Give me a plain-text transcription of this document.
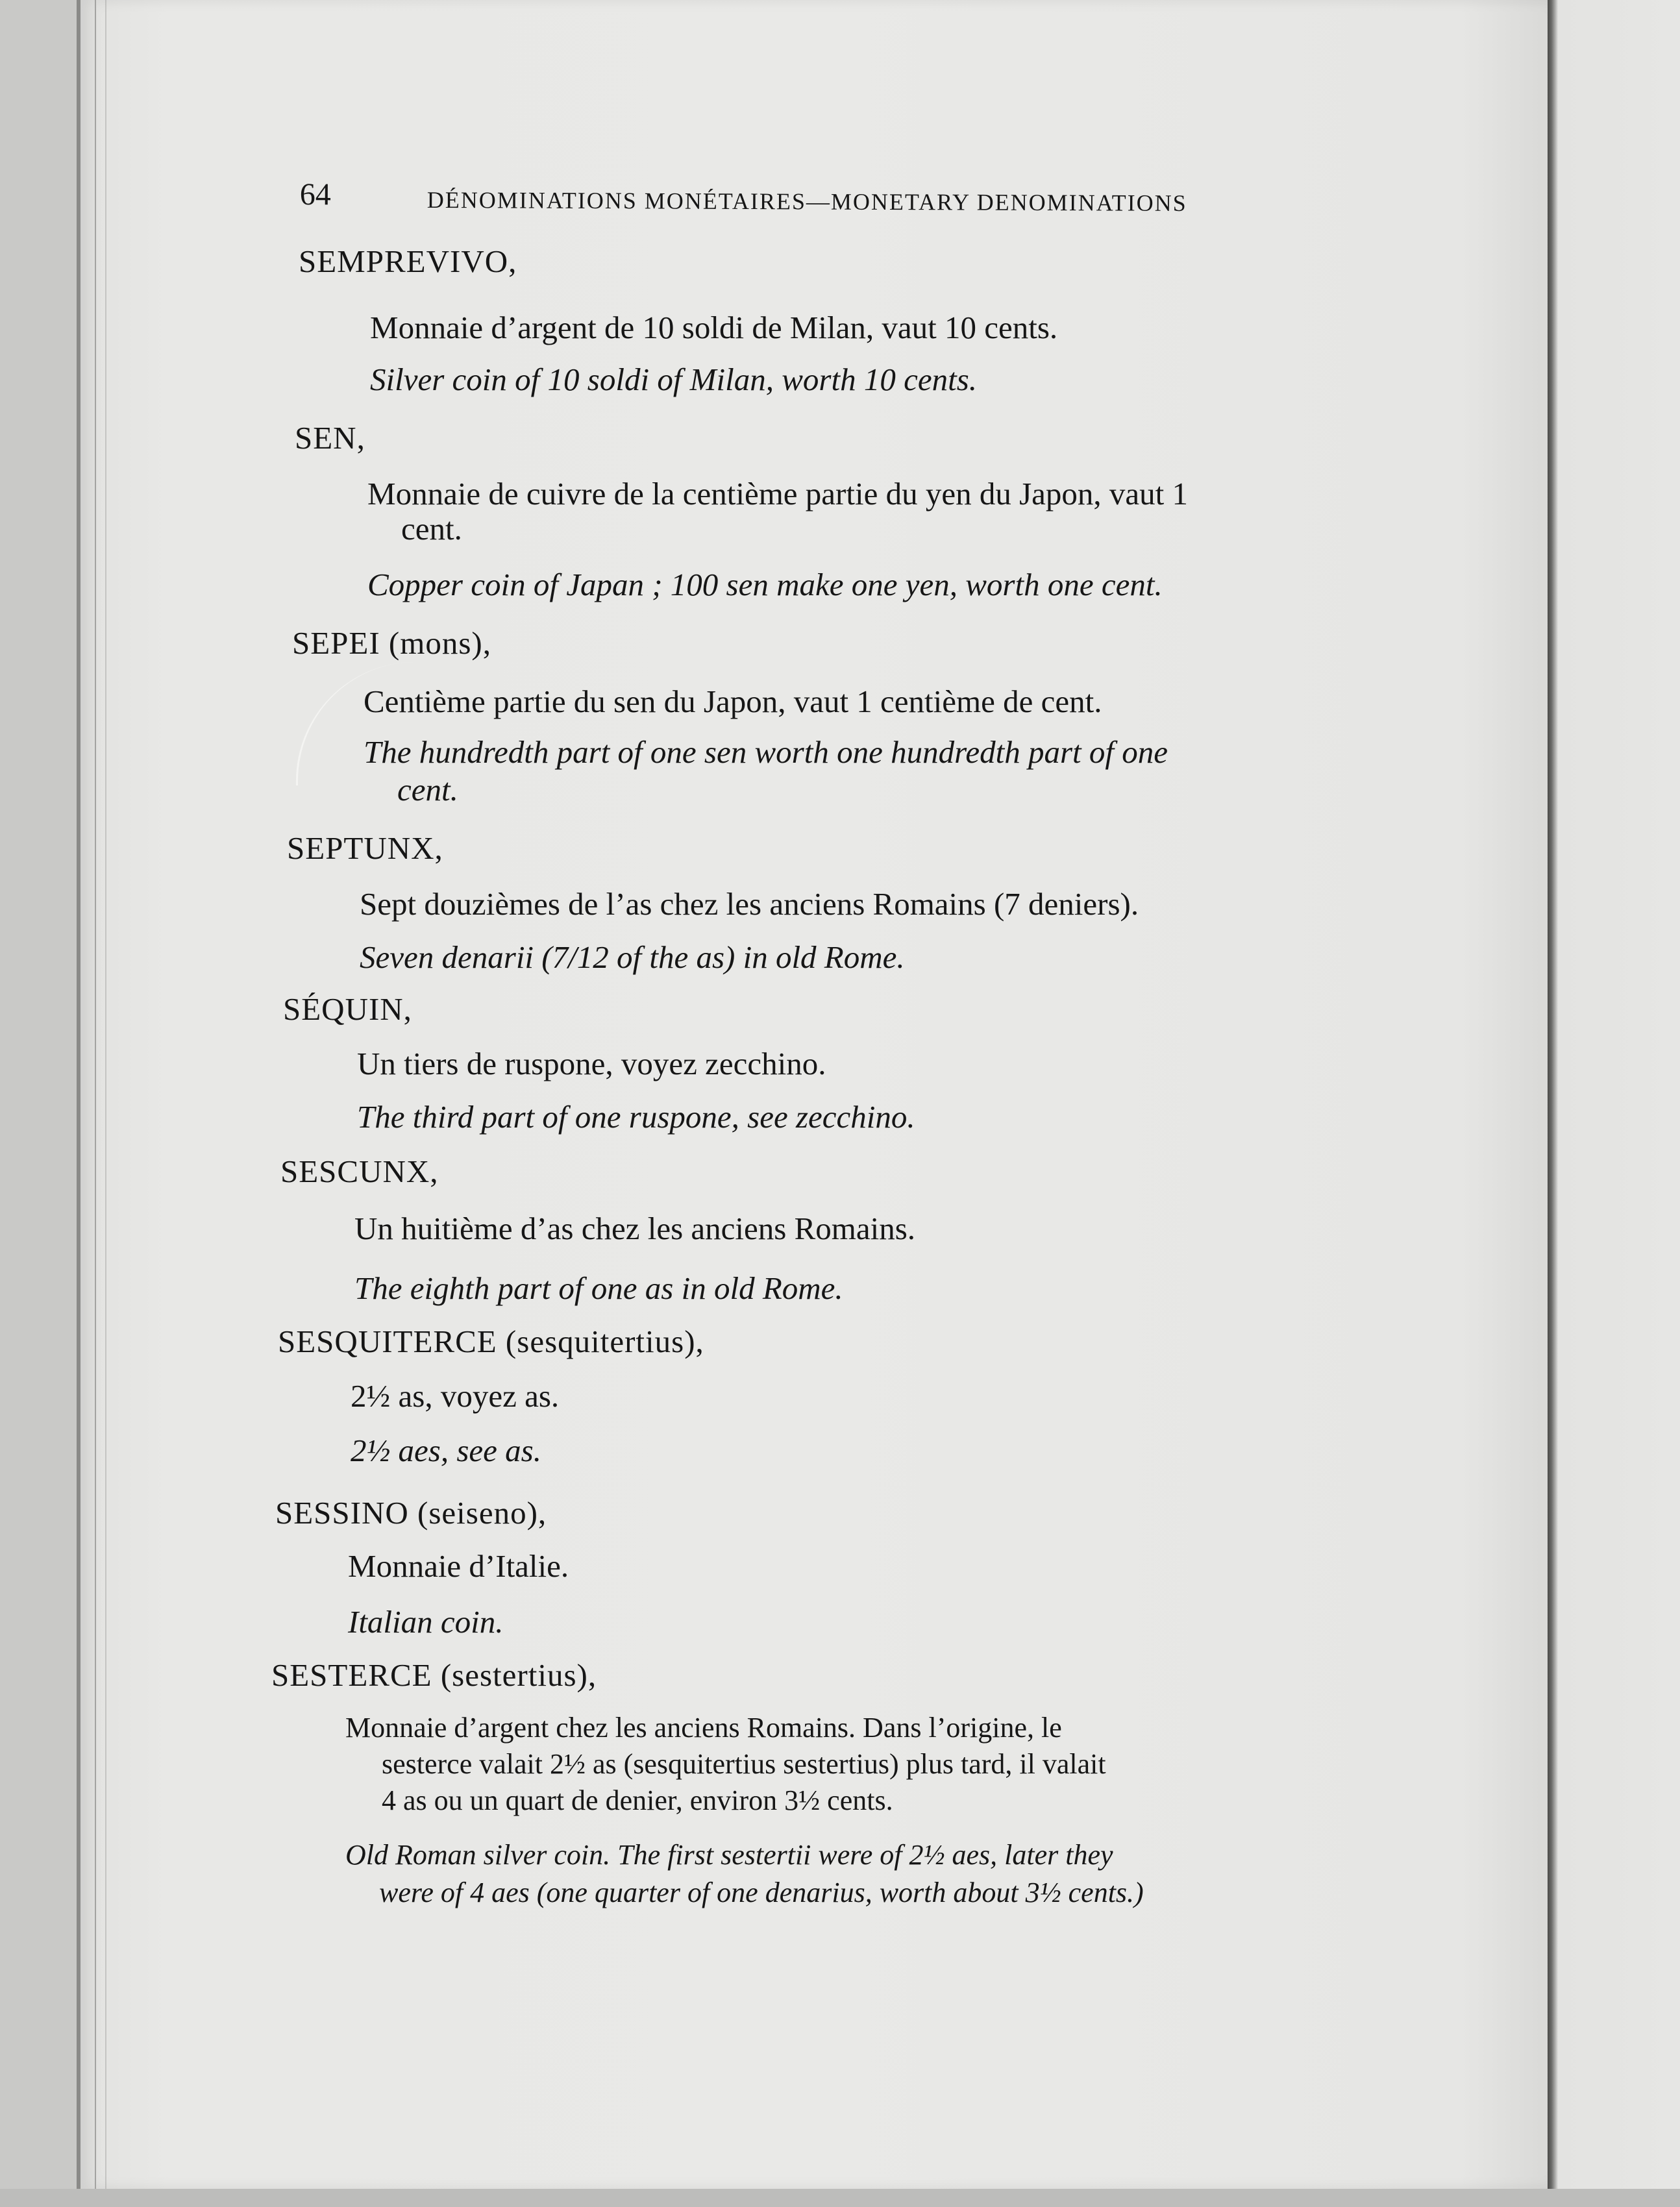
64	DÉNOMINATIONS MONÉTAIRES—MONETARY DENOMINATIONS
SEMPREVIVO,
Monnaie d’argent de 10 soldi de Milan, vaut 10 cents.
Silver coin of 10 soldi of Milan, worth 10 cents.
SEN,
Monnaie de cuivre de la centième partie du yen du Japon, vaut 1
cent.
Copper coin of Japan ; 100 sen make one yen, worth one cent.
SEPEI (mons),
Centième partie du sen du Japon, vaut 1 centième de cent.
The hundredth part of one sen worth one hundredth part of one
cent.
SEPTUNX,
Sept douzièmes de l’as chez les anciens Romains (7 deniers).
Seven denarii (7/12 of the as) in old Rome.
SÉQUIN,
Un tiers de ruspone, voyez zecchino.
The third part of one ruspone, see zecchino.
SESCUNX,
Un huitième d’as chez les anciens Romains.
The eighth part of one as in old Rome.
SESQUITERCE (sesquitertius),
2½ as, voyez as.
2½ aes, see as.
SESSINO (seiseno),
Monnaie d’Italie.
Italian coin.
SESTERCE (sestertius),
Monnaie d’argent chez les anciens Romains. Dans l’origine, le
sesterce valait 2½ as (sesquitertius sestertius) plus tard, il valait
4 as ou un quart de denier, environ 3½ cents.
Old Roman silver coin. The first sestertii were of 2½ aes, later they
were of 4 aes (one quarter of one denarius, worth about 3½ cents.)
